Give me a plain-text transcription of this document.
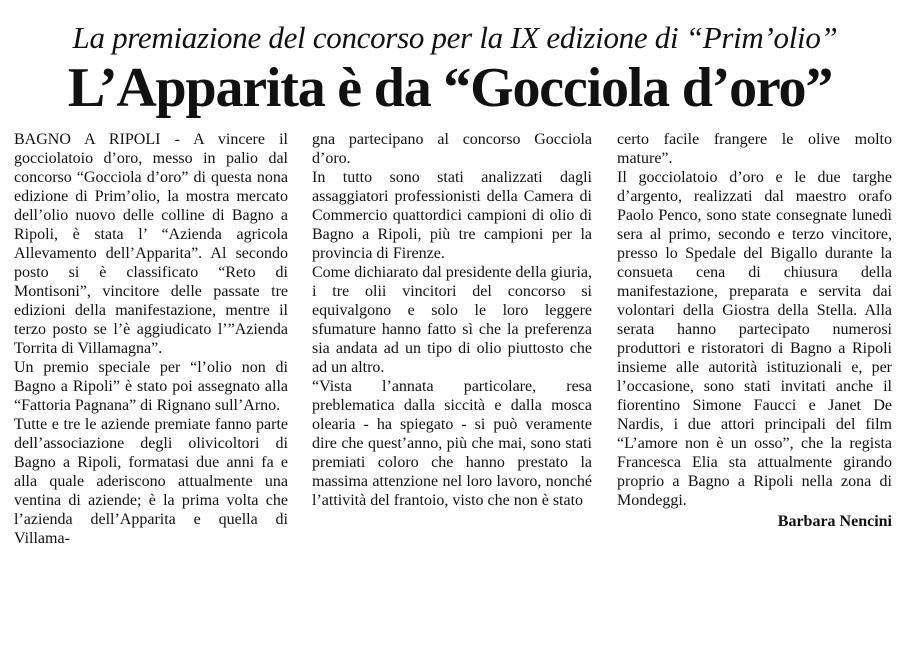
La premiazione del concorso per la IX edizione di “Prim’olio”
L’Apparita è da “Gocciola d’oro”

BAGNO A RIPOLI - A vincere il gocciolatoio d’oro, messo in palio dal concorso “Gocciola d’oro” di questa nona edizione di Prim’olio, la mostra mercato dell’olio nuovo delle colline di Bagno a Ripoli, è stata l’ “Azienda agricola Allevamento dell’Apparita”. Al secondo posto si è classificato “Reto di Montisoni”, vincitore delle passate tre edizioni della manifestazione, mentre il terzo posto se l’è aggiudicato l’”Azienda Torrita di Villamagna”.

Un premio speciale per “l’olio non di Bagno a Ripoli” è stato poi assegnato alla “Fattoria Pagnana” di Rignano sull’Arno.

Tutte e tre le aziende premiate fanno parte dell’associazione degli olivicoltori di Bagno a Ripoli, formatasi due anni fa e alla quale aderiscono attualmente una ventina di aziende; è la prima volta che l’azienda dell’Apparita e quella di Villama-

gna partecipano al concorso Gocciola d’oro.

In tutto sono stati analizzati dagli assaggiatori professionisti della Camera di Commercio quattordici campioni di olio di Bagno a Ripoli, più tre campioni per la provincia di Firenze.

Come dichiarato dal presidente della giuria, i tre olii vincitori del concorso si equivalgono e solo le loro leggere sfumature hanno fatto sì che la preferenza sia andata ad un tipo di olio piuttosto che ad un altro.

“Vista l’annata particolare, resa preblematica dalla siccità e dalla mosca olearia - ha spiegato - si può veramente dire che quest’anno, più che mai, sono stati premiati coloro che hanno prestato la massima attenzione nel loro lavoro, nonché l’attività del frantoio, visto che non è stato

certo facile frangere le olive molto mature”.

Il gocciolatoio d’oro e le due targhe d’argento, realizzati dal maestro orafo Paolo Penco, sono state consegnate lunedì sera al primo, secondo e terzo vincitore, presso lo Spedale del Bigallo durante la consueta cena di chiusura della manifestazione, preparata e servita dai volontari della Giostra della Stella. Alla serata hanno partecipato numerosi produttori e ristoratori di Bagno a Ripoli insieme alle autorità istituzionali e, per l’occasione, sono stati invitati anche il fiorentino Simone Faucci e Janet De Nardis, i due attori principali del film “L’amore non è un osso”, che la regista Francesca Elia sta attualmente girando proprio a Bagno a Ripoli nella zona di Mondeggi.

Barbara Nencini
